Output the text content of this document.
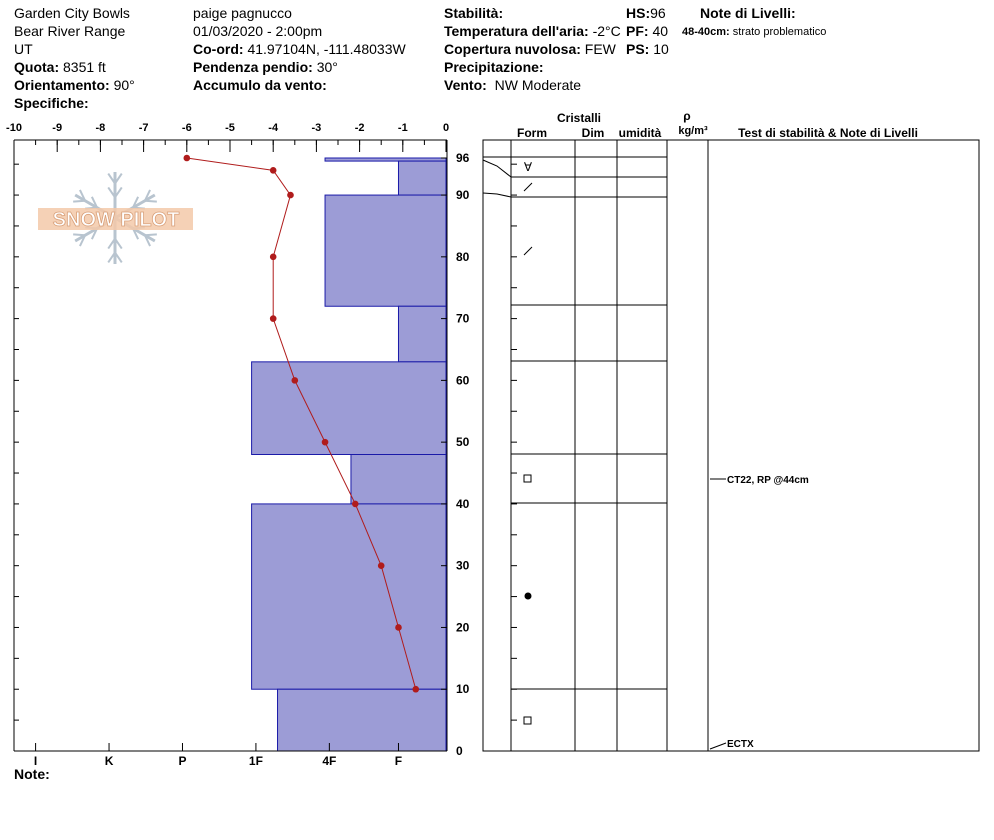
Garden City Bowls
Bear River Range
UT
Quota: 8351 ft
Orientamento: 90°
Specifiche:
paige pagnucco
01/03/2020 - 2:00pm
Co-ord: 41.97104N, -111.48033W
Pendenza pendio: 30°
Accumulo da vento:
Stabilità:
Temperatura dell'aria: -2°C
Copertura nuvolosa: FEW
Precipitazione:
Vento: NW Moderate
HS:96
PF: 40
PS: 10
Note di Livelli:
48-40cm: strato problematico
Note:
-10	-9	-8	-7	-6	-5	-4	-3	-2	-1	0
I	K	P	1F	4F	F
10
20
30
40
50
60
70
80
90
96
0
SNOW PILOT
Cristalli
Form	Dim umidità
ρ
kg/m³	Test di stabilità & Note di Livelli
∀
CT22, RP @44cm
ECTX
